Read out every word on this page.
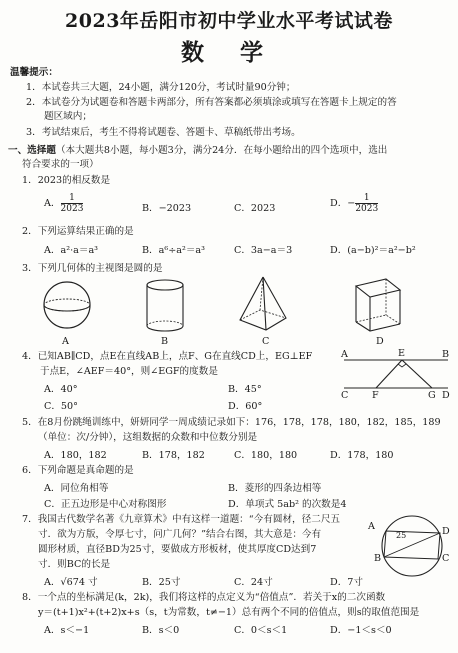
2023年岳阳市初中学业水平考试试卷
数 学
温馨提示：
1．本试卷共三大题，24小题，满分120分，考试时量90分钟；
2．本试卷分为试题卷和答题卡两部分，所有答案都必须填涂或填写在答题卡上规定的答
题区域内；
3．考试结束后，考生不得将试题卷、答题卡、草稿纸带出考场。
一、选择题（本大题共8小题，每小题3分，满分24分．在每小题给出的四个选项中，选出
符合要求的一项）
1．2023的相反数是
A． $\frac{1}{2023}$	B．−2023	C．2023	D．− $\frac{1}{2023}$
2．下列运算结果正确的是
A．a²·a＝a³	B．a⁶÷a²＝a³	C．3a−a＝3	D．(a−b)²＝a²−b²
3．下列几何体的主视图是圆的是
A	B	C	D
4．已知AB∥CD，点E在直线AB上，点F、G在直线CD上，EG⊥EF
于点E，∠AEF＝40°，则∠EGF的度数是
A．40°	B．45°
C．50°	D．60°
A	E	B
C F	G D
5．在8月份跳绳训练中，妍妍同学一周成绩记录如下：176，178，178，180，182，185，189
（单位：次/分钟），这组数据的众数和中位数分别是
A．180，182	B．178，182	C．180，180	D．178，180
6．下列命题是真命题的是
A．同位角相等	B．菱形的四条边相等
C．正五边形是中心对称图形	D．单项式 5ab² 的次数是4
7．我国古代数学名著《九章算术》中有这样一道题：“今有圆材，径二尺五
寸．欲为方版，令厚七寸，问广几何？”结合右图，其大意是：今有
圆形材质，直径BD为25寸，要做成方形板材，使其厚度CD达到7
寸．则BC的长是
A．√674 寸	B．25寸	C．24寸	D．7寸
A
B	C
D
25
8．一个点的坐标满足(k，2k)，我们将这样的点定义为“倍值点”．若关于x的二次函数
y＝(t+1)x²+(t+2)x+s（s，t为常数，t≠−1）总有两个不同的倍值点，则s的取值范围是
A．s＜−1	B．s＜0	C．0＜s＜1	D．−1＜s＜0
